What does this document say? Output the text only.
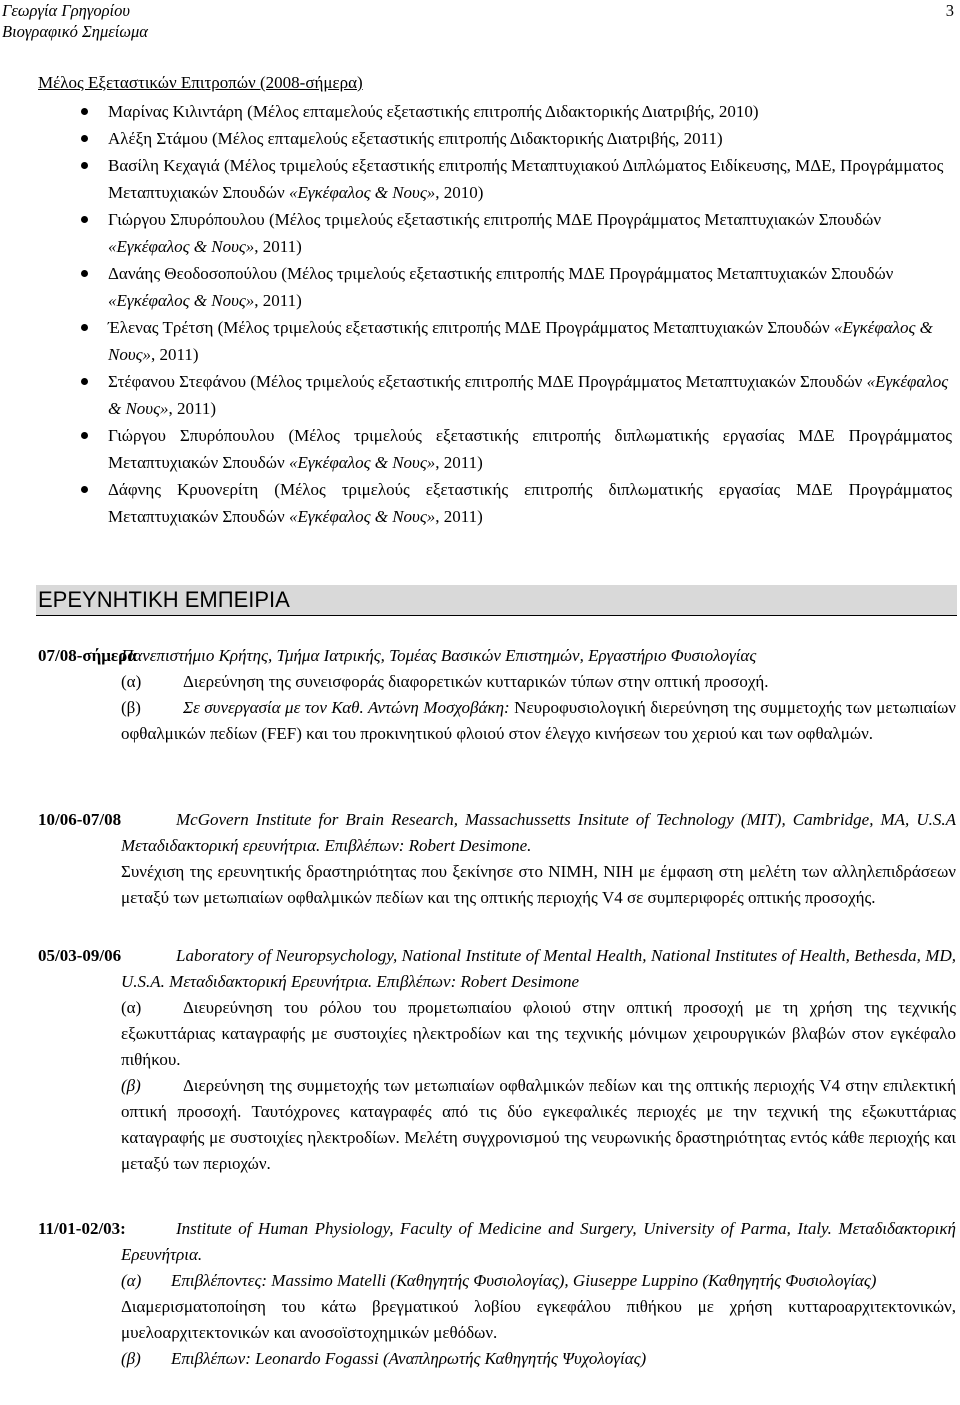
Γεωργία Γρηγορίου
Βιογραφικό Σημείωμα
3
Μέλος Εξεταστικών Επιτροπών (2008-σήμερα)
Μαρίνας Κιλιντάρη (Μέλος επταμελούς εξεταστικής επιτροπής Διδακτορικής Διατριβής, 2010)
Αλέξη Στάμου (Μέλος επταμελούς εξεταστικής επιτροπής Διδακτορικής Διατριβής, 2011)
Βασίλη Κεχαγιά (Μέλος τριμελούς εξεταστικής επιτροπής Μεταπτυχιακού Διπλώματος Ειδίκευσης, ΜΔΕ, Προγράμματος Μεταπτυχιακών Σπουδών «Εγκέφαλος & Νους», 2010)
Γιώργου Σπυρόπουλου (Μέλος τριμελούς εξεταστικής επιτροπής ΜΔΕ Προγράμματος Μεταπτυχιακών Σπουδών «Εγκέφαλος & Νους», 2011)
Δανάης Θεοδοσοπούλου (Μέλος τριμελούς εξεταστικής επιτροπής ΜΔΕ Προγράμματος Μεταπτυχιακών Σπουδών «Εγκέφαλος & Νους», 2011)
Έλενας Τρέτση (Μέλος τριμελούς εξεταστικής επιτροπής ΜΔΕ Προγράμματος Μεταπτυχιακών Σπουδών «Εγκέφαλος & Νους», 2011)
Στέφανου Στεφάνου (Μέλος τριμελούς εξεταστικής επιτροπής ΜΔΕ Προγράμματος Μεταπτυχιακών Σπουδών «Εγκέφαλος & Νους», 2011)
Γιώργου Σπυρόπουλου (Μέλος τριμελούς εξεταστικής επιτροπής διπλωματικής εργασίας ΜΔΕ Προγράμματος Μεταπτυχιακών Σπουδών «Εγκέφαλος & Νους», 2011)
Δάφνης Κρυονερίτη (Μέλος τριμελούς εξεταστικής επιτροπής διπλωματικής εργασίας ΜΔΕ Προγράμματος Μεταπτυχιακών Σπουδών «Εγκέφαλος & Νους», 2011)
ΕΡΕΥΝΗΤΙΚΗ ΕΜΠΕΙΡΙΑ
07/08-σήμερα

Πανεπιστήμιο Κρήτης, Τμήμα Ιατρικής, Τομέας Βασικών Επιστημών, Εργαστήριο Φυσιολογίας

(α) Διερεύνηση της συνεισφοράς διαφορετικών κυτταρικών τύπων στην οπτική προσοχή.

(β) Σε συνεργασία με τον Καθ. Αντώνη Μοσχοβάκη: Νευροφυσιολογική διερεύνηση της συμμετοχής των μετωπιαίων οφθαλμικών πεδίων (FEF) και του προκινητικού φλοιού στον έλεγχο κινήσεων του χεριού και των οφθαλμών.

10/06-07/08	McGovern Institute for Brain Research, Massachussetts Insitute of Technology (MIT), Cambridge, MA, U.S.A Μεταδιδακτορική ερευνήτρια. Επιβλέπων: Robert Desimone.

Συνέχιση της ερευνητικής δραστηριότητας που ξεκίνησε στο NIMH, NIH με έμφαση στη μελέτη των αλληλεπιδράσεων μεταξύ των μετωπιαίων οφθαλμικών πεδίων και της οπτικής περιοχής V4 σε συμπεριφορές οπτικής προσοχής.

05/03-09/06	Laboratory of Neuropsychology, National Institute of Mental Health, National Institutes of Health, Bethesda, MD, U.S.A. Μεταδιδακτορική Ερευνήτρια. Επιβλέπων: Robert Desimone

(α) Διευρεύνηση του ρόλου του προμετωπιαίου φλοιού στην οπτική προσοχή με τη χρήση της τεχνικής εξωκυττάριας καταγραφής με συστοιχίες ηλεκτροδίων και της τεχνικής μόνιμων χειρουργικών βλαβών στον εγκέφαλο πιθήκου.

(β) Διερεύνηση της συμμετοχής των μετωπιαίων οφθαλμικών πεδίων και της οπτικής περιοχής V4 στην επιλεκτική οπτική προσοχή. Ταυτόχρονες καταγραφές από τις δύο εγκεφαλικές περιοχές με την τεχνική της εξωκυττάριας καταγραφής με συστοιχίες ηλεκτροδίων. Μελέτη συγχρονισμού της νευρωνικής δραστηριότητας εντός κάθε περιοχής και μεταξύ των περιοχών.

11/01-02/03:	Institute of Human Physiology, Faculty of Medicine and Surgery, University of Parma, Italy. Μεταδιδακτορική Ερευνήτρια.

(α) Επιβλέποντες: Massimo Matelli (Καθηγητής Φυσιολογίας), Giuseppe Luppino (Καθηγητής Φυσιολογίας)

Διαμερισματοποίηση του κάτω βρεγματικού λοβίου εγκεφάλου πιθήκου με χρήση κυτταροαρχιτεκτονικών, μυελοαρχιτεκτονικών και ανοσοϊστοχημικών μεθόδων.

(β) Επιβλέπων: Leonardo Fogassi (Αναπληρωτής Καθηγητής Ψυχολογίας)
